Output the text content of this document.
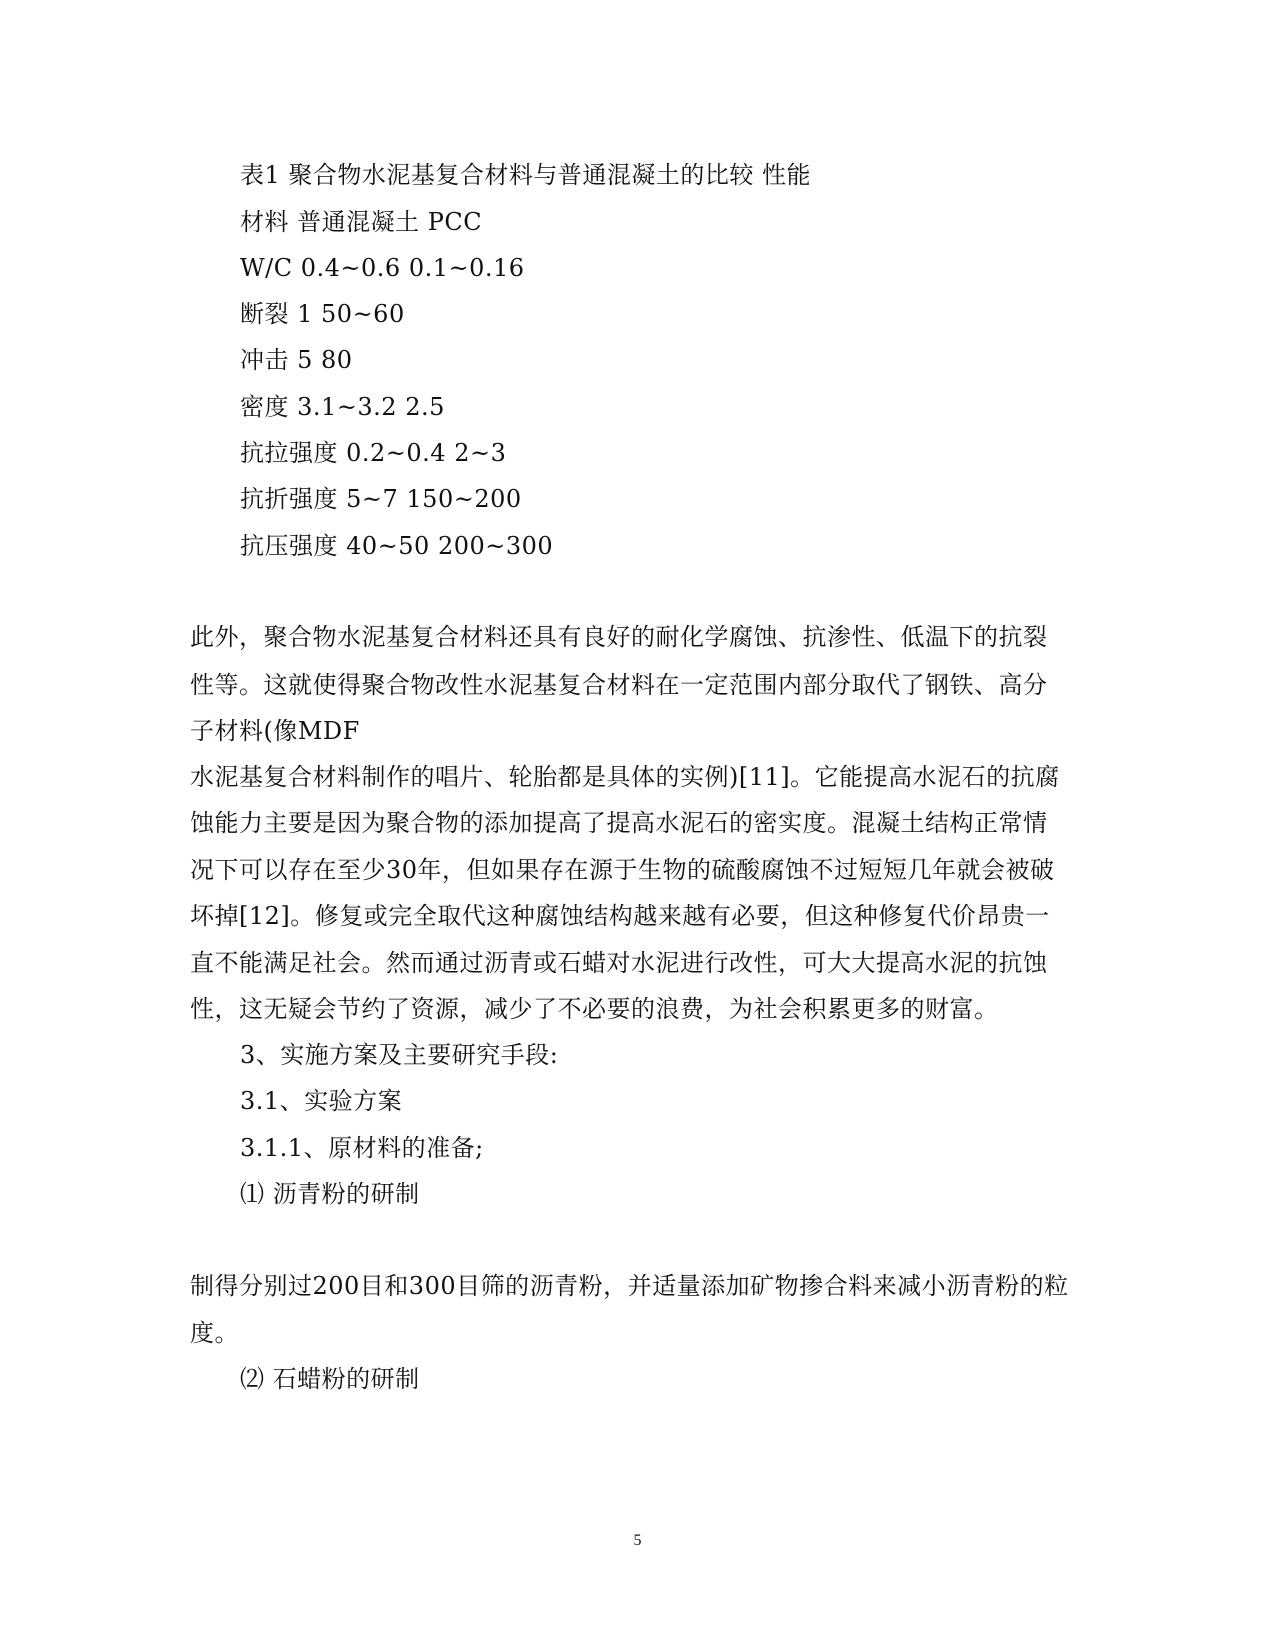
表1 聚合物水泥基复合材料与普通混凝土的比较 性能
材料 普通混凝土 PCC
W/C 0.4~0.6 0.1~0.16
断裂 1 50~60
冲击 5 80
密度 3.1~3.2 2.5
抗拉强度 0.2~0.4 2~3
抗折强度 5~7 150~200
抗压强度 40~50 200~300
此外，聚合物水泥基复合材料还具有良好的耐化学腐蚀、抗渗性、低温下的抗裂
性等。这就使得聚合物改性水泥基复合材料在一定范围内部分取代了钢铁、高分
子材料(像MDF
水泥基复合材料制作的唱片、轮胎都是具体的实例)[11]。它能提高水泥石的抗腐
蚀能力主要是因为聚合物的添加提高了提高水泥石的密实度。混凝土结构正常情
况下可以存在至少30年，但如果存在源于生物的硫酸腐蚀不过短短几年就会被破
坏掉[12]。修复或完全取代这种腐蚀结构越来越有必要，但这种修复代价昂贵一
直不能满足社会。然而通过沥青或石蜡对水泥进行改性，可大大提高水泥的抗蚀
性，这无疑会节约了资源，减少了不必要的浪费，为社会积累更多的财富。
3、实施方案及主要研究手段:
3.1、实验方案
3.1.1、原材料的准备;
⑴ 沥青粉的研制
制得分别过200目和300目筛的沥青粉，并适量添加矿物掺合料来减小沥青粉的粒
度。
⑵ 石蜡粉的研制
5
